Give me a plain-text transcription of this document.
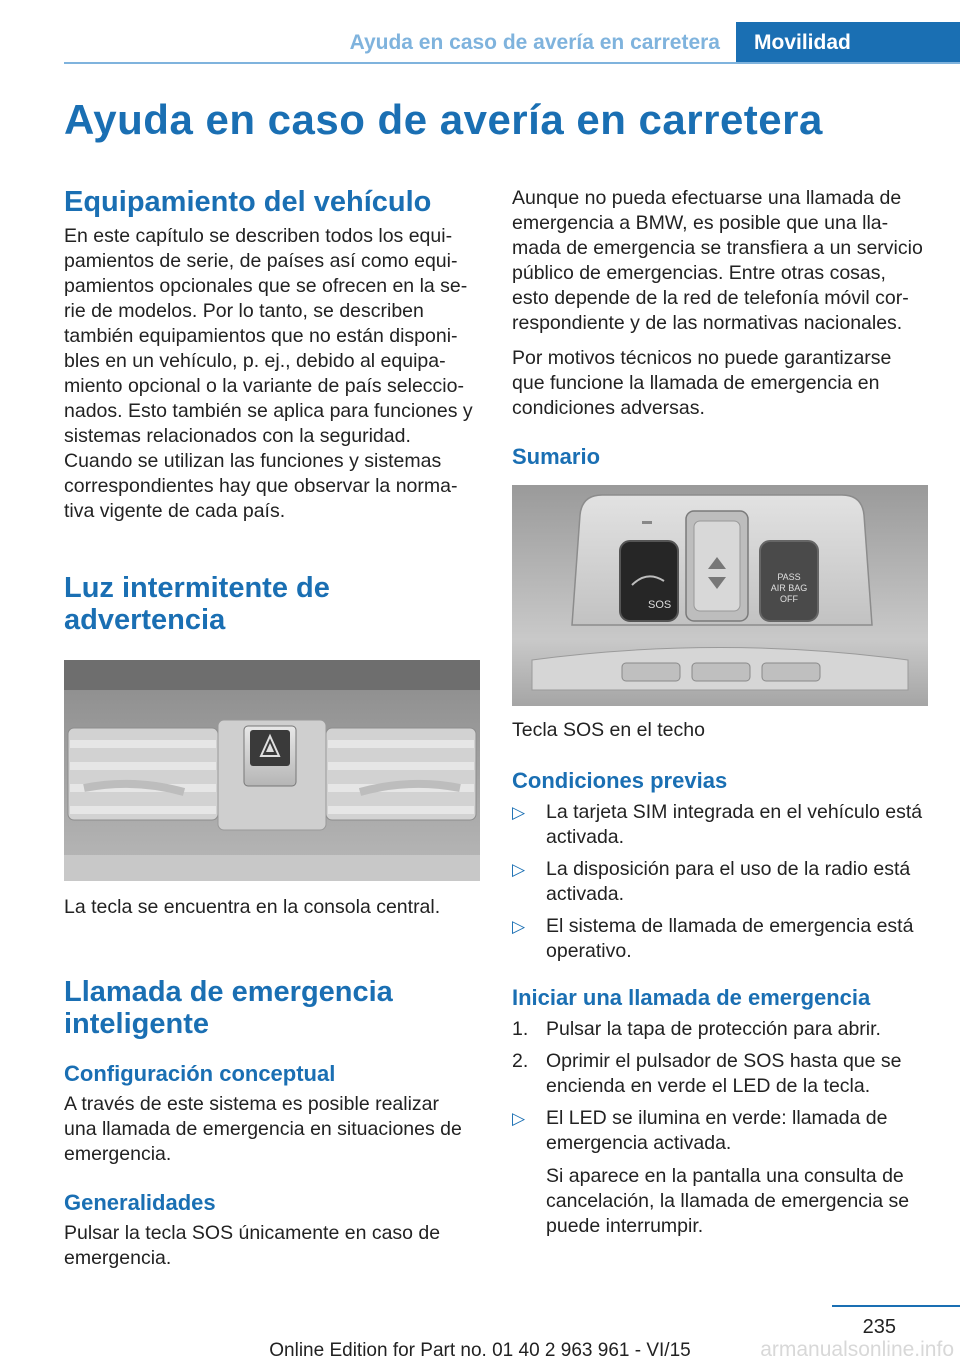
Ayuda en caso de avería en carretera	Movilidad
Ayuda en caso de avería en carretera
Equipamiento del vehículo

En este capítulo se describen todos los equi‐

pamientos de serie, de países así como equi‐

pamientos opcionales que se ofrecen en la se‐

rie de modelos. Por lo tanto, se describen

también equipamientos que no están disponi‐

bles en un vehículo, p. ej., debido al equipa‐

miento opcional o la variante de país seleccio‐

nados. Esto también se aplica para funciones y

sistemas relacionados con la seguridad.

Cuando se utilizan las funciones y sistemas

correspondientes hay que observar la norma‐

tiva vigente de cada país.

Luz intermitente de
advertencia

La tecla se encuentra en la consola central.

Llamada de emergencia
inteligente
Configuración conceptual

A través de este sistema es posible realizar

una llamada de emergencia en situaciones de

emergencia.

Generalidades

Pulsar la tecla SOS únicamente en caso de

emergencia.

Aunque no pueda efectuarse una llamada de

emergencia a BMW, es posible que una lla‐

mada de emergencia se transfiera a un servicio

público de emergencias. Entre otras cosas,

esto depende de la red de telefonía móvil cor‐

respondiente y de las normativas nacionales.

Por motivos técnicos no puede garantizarse

que funcione la llamada de emergencia en

condiciones adversas.

Sumario
SOS
PASS
AIR BAG
OFF

Tecla SOS en el techo

Condiciones previas
▷	La tarjeta SIM integrada en el vehículo está
activada.
▷	La disposición para el uso de la radio está
activada.
▷	El sistema de llamada de emergencia está
operativo.
Iniciar una llamada de emergencia
1. Pulsar la tapa de protección para abrir.
2. Oprimir el pulsador de SOS hasta que se
encienda en verde el LED de la tecla.
▷	El LED se ilumina en verde: llamada de
emergencia activada.
Si aparece en la pantalla una consulta de
cancelación, la llamada de emergencia se
puede interrumpir.
235
Online Edition for Part no. 01 40 2 963 961 - VI/15	armanualsonline.info
